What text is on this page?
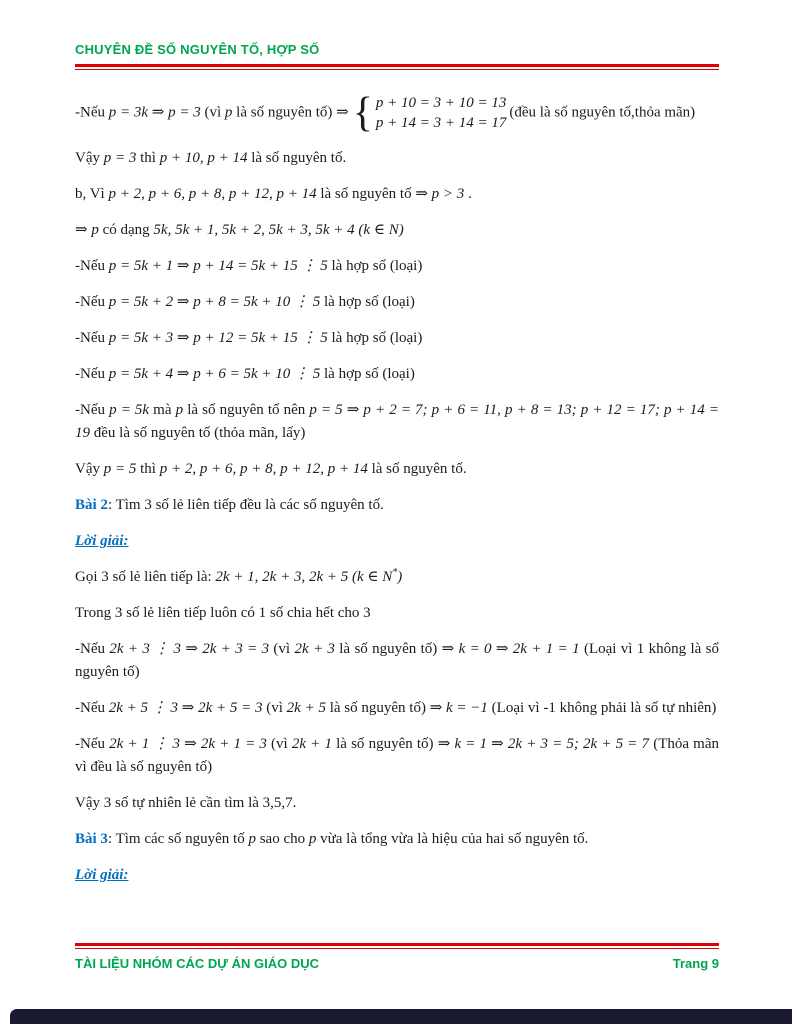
CHUYÊN ĐỀ SỐ NGUYÊN TỐ, HỢP SỐ

-Nếu p = 3k ⇒ p = 3 (vì p là số nguyên tố) ⇒ { p + 10 = 3 + 10 = 13
p + 14 = 3 + 14 = 17
(đều là số nguyên tố,thỏa mãn)

Vậy p = 3 thì p + 10, p + 14 là số nguyên tố.

b, Vì p + 2, p + 6, p + 8, p + 12, p + 14 là số nguyên tố ⇒ p > 3 .

⇒ p có dạng 5k, 5k + 1, 5k + 2, 5k + 3, 5k + 4 (k ∈ N)

-Nếu p = 5k + 1 ⇒ p + 14 = 5k + 15 ⋮ 5 là hợp số (loại)

-Nếu p = 5k + 2 ⇒ p + 8 = 5k + 10 ⋮ 5 là hợp số (loại)

-Nếu p = 5k + 3 ⇒ p + 12 = 5k + 15 ⋮ 5 là hợp số (loại)

-Nếu p = 5k + 4 ⇒ p + 6 = 5k + 10 ⋮ 5 là hợp số (loại)

-Nếu p = 5k mà p là số nguyên tố nên p = 5 ⇒ p + 2 = 7; p + 6 = 11, p + 8 = 13; p + 12 = 17; p + 14 = 19 đều là số nguyên tố (thỏa mãn, lấy)

Vậy p = 5 thì p + 2, p + 6, p + 8, p + 12, p + 14 là số nguyên tố.

Bài 2: Tìm 3 số lẻ liên tiếp đều là các số nguyên tố.

Lời giải:

Gọi 3 số lẻ liên tiếp là: 2k + 1, 2k + 3, 2k + 5 (k ∈ N*)

Trong 3 số lẻ liên tiếp luôn có 1 số chia hết cho 3

-Nếu 2k + 3 ⋮ 3 ⇒ 2k + 3 = 3 (vì 2k + 3 là số nguyên tố) ⇒ k = 0 ⇒ 2k + 1 = 1 (Loại vì 1 không là số nguyên tố)

-Nếu 2k + 5 ⋮ 3 ⇒ 2k + 5 = 3 (vì 2k + 5 là số nguyên tố) ⇒ k = −1 (Loại vì -1 không phải là số tự nhiên)

-Nếu 2k + 1 ⋮ 3 ⇒ 2k + 1 = 3 (vì 2k + 1 là số nguyên tố) ⇒ k = 1 ⇒ 2k + 3 = 5; 2k + 5 = 7 (Thỏa mãn vì đều là số nguyên tố)

Vậy 3 số tự nhiên lẻ cần tìm là 3,5,7.

Bài 3: Tìm các số nguyên tố p sao cho p vừa là tổng vừa là hiệu của hai số nguyên tố.

Lời giải:

TÀI LIỆU NHÓM CÁC DỰ ÁN GIÁO DỤC	Trang 9
